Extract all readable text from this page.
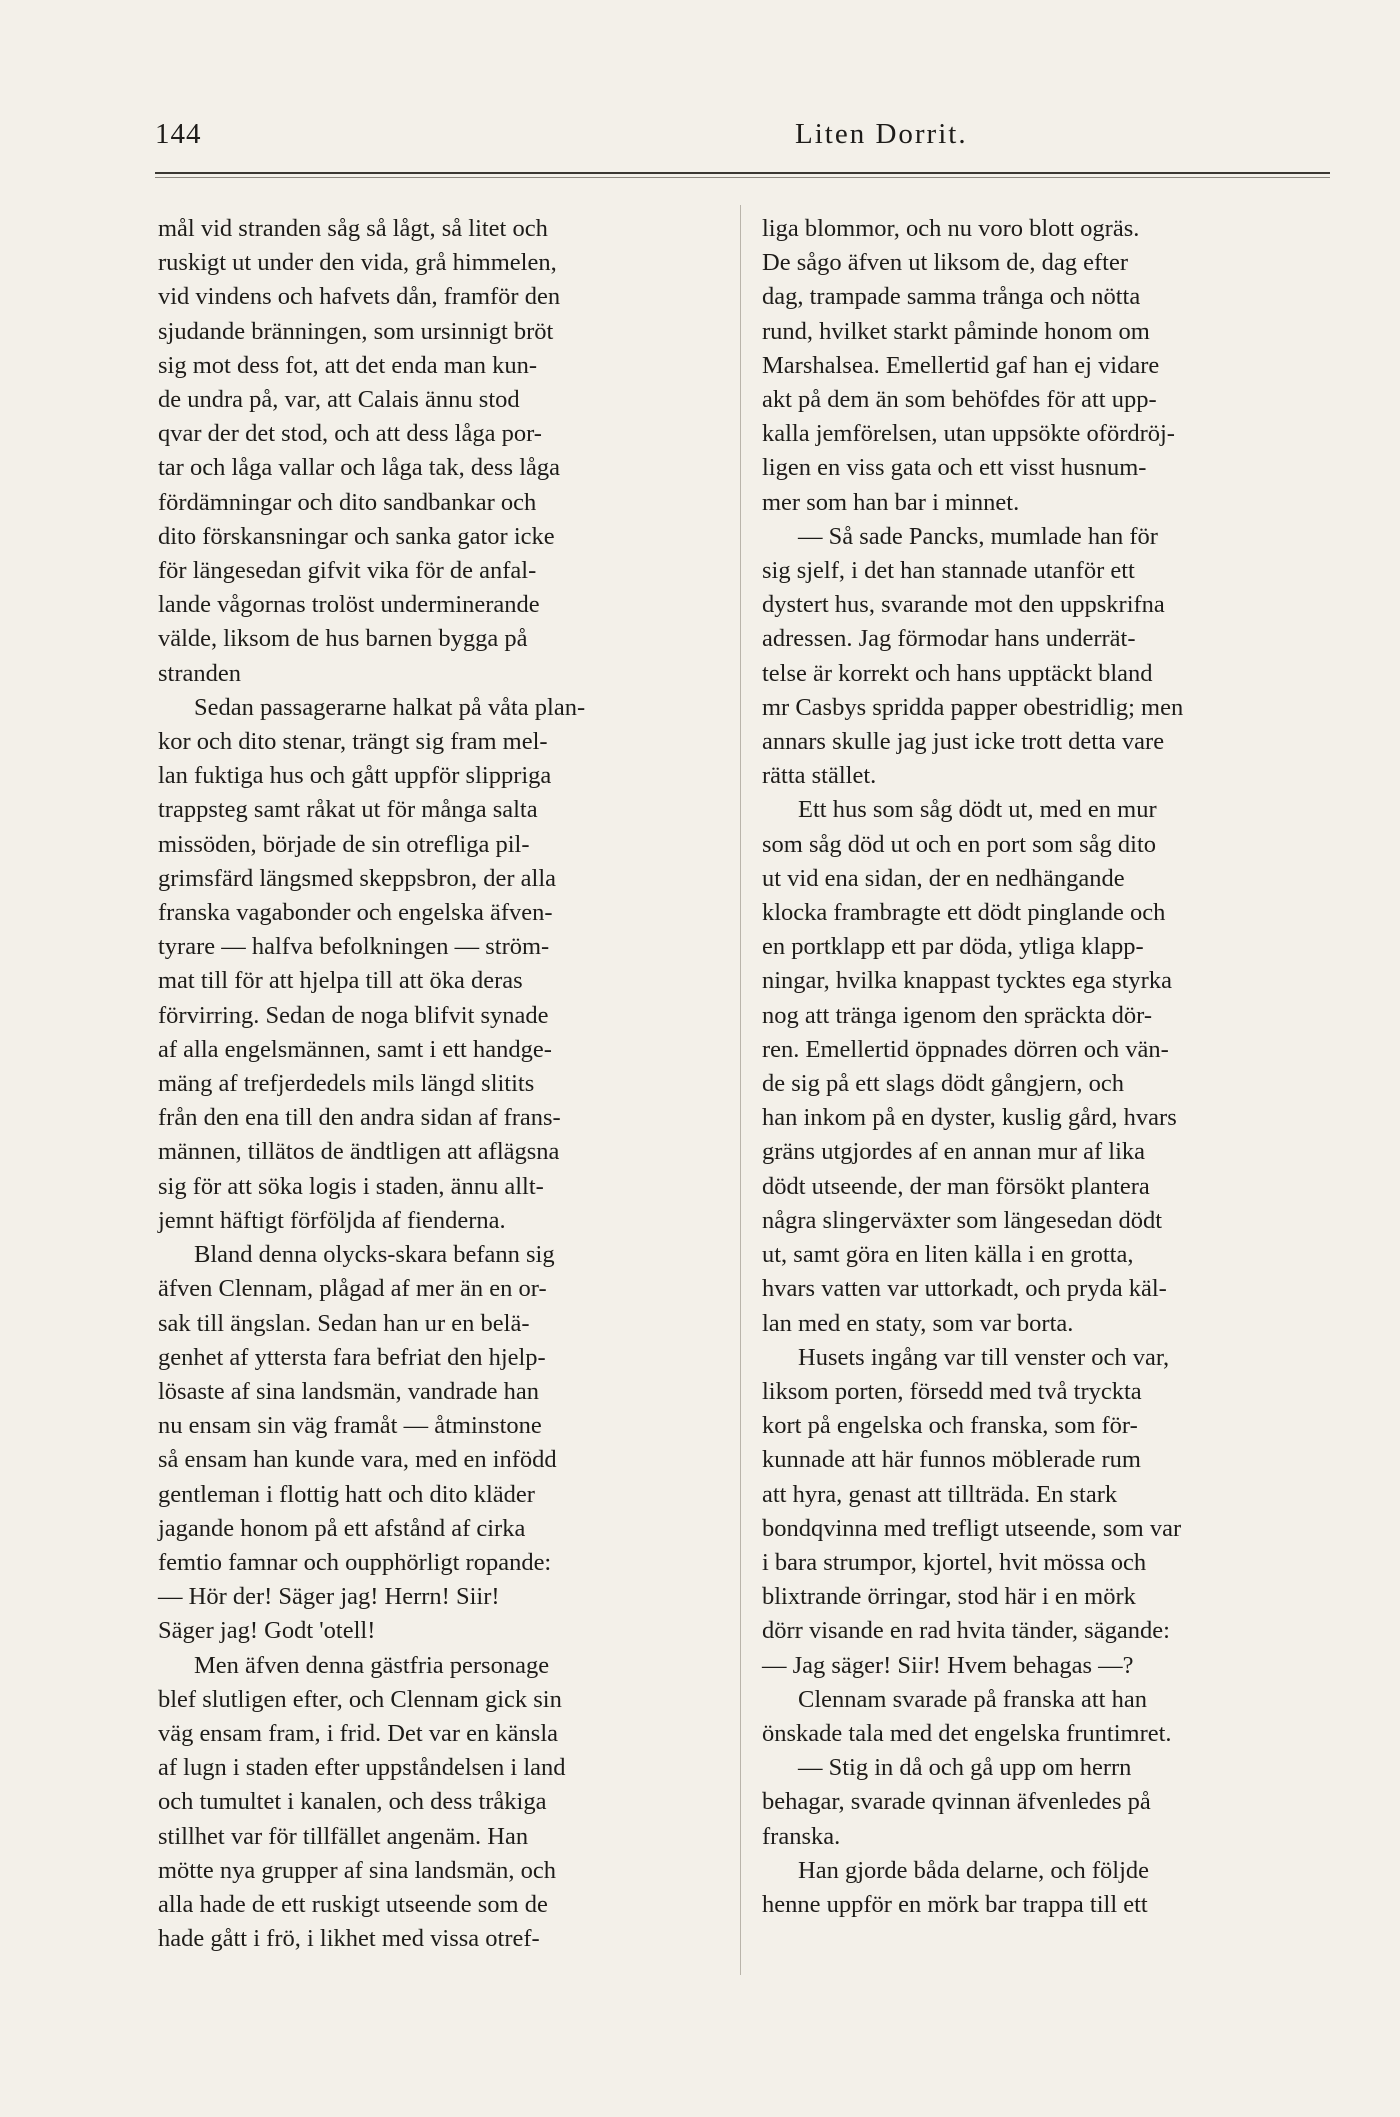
144	Liten Dorrit.

mål vid stranden såg så lågt, så litet och
ruskigt ut under den vida, grå himmelen,
vid vindens och hafvets dån, framför den
sjudande bränningen, som ursinnigt bröt
sig mot dess fot, att det enda man kun-
de undra på, var, att Calais ännu stod
qvar der det stod, och att dess låga por-
tar och låga vallar och låga tak, dess låga
fördämningar och dito sandbankar och
dito förskansningar och sanka gator icke
för längesedan gifvit vika för de anfal-
lande vågornas trolöst underminerande
välde, liksom de hus barnen bygga på
stranden

Sedan passagerarne halkat på våta plan-
kor och dito stenar, trängt sig fram mel-
lan fuktiga hus och gått uppför slippriga
trappsteg samt råkat ut för många salta
missöden, började de sin otrefliga pil-
grimsfärd längsmed skeppsbron, der alla
franska vagabonder och engelska äfven-
tyrare — halfva befolkningen — ström-
mat till för att hjelpa till att öka deras
förvirring. Sedan de noga blifvit synade
af alla engelsmännen, samt i ett handge-
mäng af trefjerdedels mils längd slitits
från den ena till den andra sidan af frans-
männen, tillätos de ändtligen att aflägsna
sig för att söka logis i staden, ännu allt-
jemnt häftigt förföljda af fienderna.

Bland denna olycks-skara befann sig
äfven Clennam, plågad af mer än en or-
sak till ängslan. Sedan han ur en belä-
genhet af yttersta fara befriat den hjelp-
lösaste af sina landsmän, vandrade han
nu ensam sin väg framåt — åtminstone
så ensam han kunde vara, med en infödd
gentleman i flottig hatt och dito kläder
jagande honom på ett afstånd af cirka
femtio famnar och oupphörligt ropande:
— Hör der! Säger jag! Herrn! Siir!
Säger jag! Godt 'otell!

Men äfven denna gästfria personage
blef slutligen efter, och Clennam gick sin
väg ensam fram, i frid. Det var en känsla
af lugn i staden efter uppståndelsen i land
och tumultet i kanalen, och dess tråkiga
stillhet var för tillfället angenäm. Han
mötte nya grupper af sina landsmän, och
alla hade de ett ruskigt utseende som de
hade gått i frö, i likhet med vissa otref-

liga blommor, och nu voro blott ogräs.
De sågo äfven ut liksom de, dag efter
dag, trampade samma trånga och nötta
rund, hvilket starkt påminde honom om
Marshalsea. Emellertid gaf han ej vidare
akt på dem än som behöfdes för att upp-
kalla jemförelsen, utan uppsökte ofördröj-
ligen en viss gata och ett visst husnum-
mer som han bar i minnet.

— Så sade Pancks, mumlade han för
sig sjelf, i det han stannade utanför ett
dystert hus, svarande mot den uppskrifna
adressen. Jag förmodar hans underrät-
telse är korrekt och hans upptäckt bland
mr Casbys spridda papper obestridlig; men
annars skulle jag just icke trott detta vare
rätta stället.

Ett hus som såg dödt ut, med en mur
som såg död ut och en port som såg dito
ut vid ena sidan, der en nedhängande
klocka frambragte ett dödt pinglande och
en portklapp ett par döda, ytliga klapp-
ningar, hvilka knappast tycktes ega styrka
nog att tränga igenom den spräckta dör-
ren. Emellertid öppnades dörren och vän-
de sig på ett slags dödt gångjern, och
han inkom på en dyster, kuslig gård, hvars
gräns utgjordes af en annan mur af lika
dödt utseende, der man försökt plantera
några slingerväxter som längesedan dödt
ut, samt göra en liten källa i en grotta,
hvars vatten var uttorkadt, och pryda käl-
lan med en staty, som var borta.

Husets ingång var till venster och var,
liksom porten, försedd med två tryckta
kort på engelska och franska, som för-
kunnade att här funnos möblerade rum
att hyra, genast att tillträda. En stark
bondqvinna med trefligt utseende, som var
i bara strumpor, kjortel, hvit mössa och
blixtrande örringar, stod här i en mörk
dörr visande en rad hvita tänder, sägande:
— Jag säger! Siir! Hvem behagas —?

Clennam svarade på franska att han
önskade tala med det engelska fruntimret.

— Stig in då och gå upp om herrn
behagar, svarade qvinnan äfvenledes på
franska.

Han gjorde båda delarne, och följde
henne uppför en mörk bar trappa till ett
